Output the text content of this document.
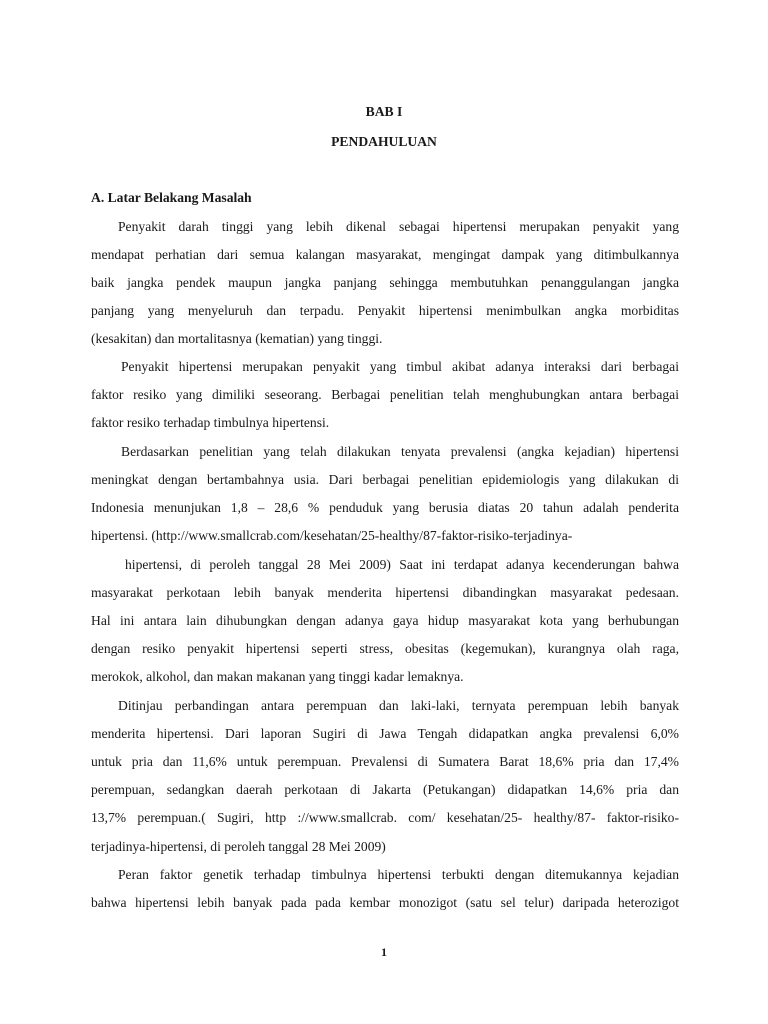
BAB I
PENDAHULUAN
A. Latar Belakang Masalah
Penyakit darah tinggi yang lebih dikenal sebagai hipertensi merupakan penyakit yang
mendapat perhatian dari semua kalangan masyarakat, mengingat dampak yang ditimbulkannya
baik jangka pendek maupun jangka panjang sehingga membutuhkan penanggulangan jangka
panjang yang menyeluruh dan terpadu. Penyakit hipertensi menimbulkan angka morbiditas
(kesakitan) dan mortalitasnya (kematian) yang tinggi.
Penyakit hipertensi merupakan penyakit yang timbul akibat adanya interaksi dari berbagai
faktor resiko yang dimiliki seseorang. Berbagai penelitian telah menghubungkan antara berbagai
faktor resiko terhadap timbulnya hipertensi.
Berdasarkan penelitian yang telah dilakukan tenyata prevalensi (angka kejadian) hipertensi
meningkat dengan bertambahnya usia. Dari berbagai penelitian epidemiologis yang dilakukan di
Indonesia menunjukan 1,8 – 28,6 % penduduk yang berusia diatas 20 tahun adalah penderita
hipertensi. (http://www.smallcrab.com/kesehatan/25-healthy/87-faktor-risiko-terjadinya-
hipertensi, di peroleh tanggal 28 Mei 2009) Saat ini terdapat adanya kecenderungan bahwa
masyarakat perkotaan lebih banyak menderita hipertensi dibandingkan masyarakat pedesaan.
Hal ini antara lain dihubungkan dengan adanya gaya hidup masyarakat kota yang berhubungan
dengan resiko penyakit hipertensi seperti stress, obesitas (kegemukan), kurangnya olah raga,
merokok, alkohol, dan makan makanan yang tinggi kadar lemaknya.
Ditinjau perbandingan antara perempuan dan laki-laki, ternyata perempuan lebih banyak
menderita hipertensi. Dari laporan Sugiri di Jawa Tengah didapatkan angka prevalensi 6,0%
untuk pria dan 11,6% untuk perempuan. Prevalensi di Sumatera Barat 18,6% pria dan 17,4%
perempuan, sedangkan daerah perkotaan di Jakarta (Petukangan) didapatkan 14,6% pria dan
13,7% perempuan.( Sugiri, http ://www.smallcrab. com/ kesehatan/25- healthy/87- faktor-risiko-
terjadinya-hipertensi, di peroleh tanggal 28 Mei 2009)
Peran faktor genetik terhadap timbulnya hipertensi terbukti dengan ditemukannya kejadian
bahwa hipertensi lebih banyak pada pada kembar monozigot (satu sel telur) daripada heterozigot
1
